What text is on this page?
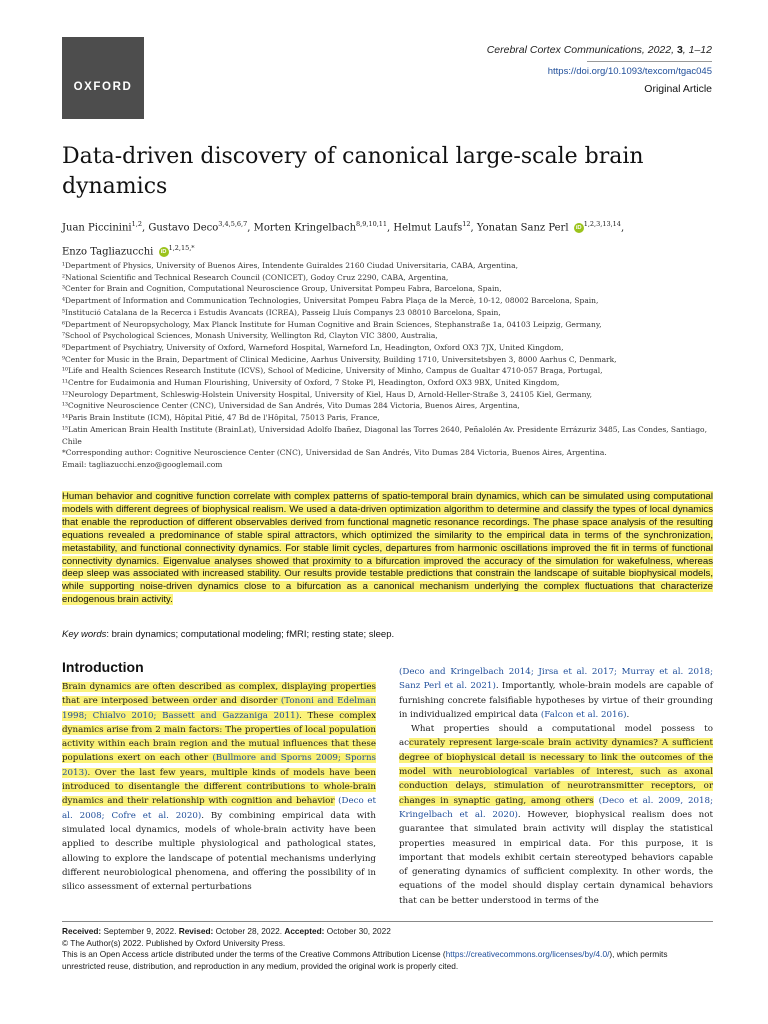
OXFORD
Cerebral Cortex Communications, 2022, 3, 1–12
https://doi.org/10.1093/texcom/tgac045
Original Article
Data-driven discovery of canonical large-scale brain dynamics
Juan Piccinini$^{1,2}$, Gustavo Deco$^{3,4,5,6,7}$, Morten Kringelbach$^{8,9,10,11}$, Helmut Laufs$^{12}$, Yonatan Sanz Perl iD $^{1,2,3,13,14}$,
Enzo Tagliazucchi iD $^{1,2,15,*}$
¹Department of Physics, University of Buenos Aires, Intendente Guiraldes 2160 Ciudad Universitaria, CABA, Argentina,
²National Scientific and Technical Research Council (CONICET), Godoy Cruz 2290, CABA, Argentina,
³Center for Brain and Cognition, Computational Neuroscience Group, Universitat Pompeu Fabra, Barcelona, Spain,
⁴Department of Information and Communication Technologies, Universitat Pompeu Fabra Plaça de la Mercè, 10-12, 08002 Barcelona, Spain,
⁵Institució Catalana de la Recerca i Estudis Avancats (ICREA), Passeig Lluís Companys 23 08010 Barcelona, Spain,
⁶Department of Neuropsychology, Max Planck Institute for Human Cognitive and Brain Sciences, Stephanstraße 1a, 04103 Leipzig, Germany,
⁷School of Psychological Sciences, Monash University, Wellington Rd, Clayton VIC 3800, Australia,
⁸Department of Psychiatry, University of Oxford, Warneford Hospital, Warneford Ln, Headington, Oxford OX3 7JX, United Kingdom,
⁹Center for Music in the Brain, Department of Clinical Medicine, Aarhus University, Building 1710, Universitetsbyen 3, 8000 Aarhus C, Denmark,
¹⁰Life and Health Sciences Research Institute (ICVS), School of Medicine, University of Minho, Campus de Gualtar 4710-057 Braga, Portugal,
¹¹Centre for Eudaimonia and Human Flourishing, University of Oxford, 7 Stoke Pl, Headington, Oxford OX3 9BX, United Kingdom,
¹²Neurology Department, Schleswig-Holstein University Hospital, University of Kiel, Haus D, Arnold-Heller-Straße 3, 24105 Kiel, Germany,
¹³Cognitive Neuroscience Center (CNC), Universidad de San Andrés, Vito Dumas 284 Victoria, Buenos Aires, Argentina,
¹⁴Paris Brain Institute (ICM), Hôpital Pitié, 47 Bd de l'Hôpital, 75013 Paris, France,
¹⁵Latin American Brain Health Institute (BrainLat), Universidad Adolfo Ibañez, Diagonal las Torres 2640, Peñalolén Av. Presidente Errázuriz 3485, Las Condes, Santiago, Chile
*Corresponding author: Cognitive Neuroscience Center (CNC), Universidad de San Andrés, Vito Dumas 284 Victoria, Buenos Aires, Argentina.
Email: tagliazucchi.enzo@googlemail.com
Human behavior and cognitive function correlate with complex patterns of spatio-temporal brain dynamics, which can be simulated using computational models with different degrees of biophysical realism. We used a data-driven optimization algorithm to determine and classify the types of local dynamics that enable the reproduction of different observables derived from functional magnetic resonance recordings. The phase space analysis of the resulting equations revealed a predominance of stable spiral attractors, which optimized the similarity to the empirical data in terms of the synchronization, metastability, and functional connectivity dynamics. For stable limit cycles, departures from harmonic oscillations improved the fit in terms of functional connectivity dynamics. Eigenvalue analyses showed that proximity to a bifurcation improved the accuracy of the simulation for wakefulness, whereas deep sleep was associated with increased stability. Our results provide testable predictions that constrain the landscape of suitable biophysical models, while supporting noise-driven dynamics close to a bifurcation as a canonical mechanism underlying the complex fluctuations that characterize endogenous brain activity.
Key words: brain dynamics; computational modeling; fMRI; resting state; sleep.
Introduction

Brain dynamics are often described as complex, displaying properties that are interposed between order and disorder (Tononi and Edelman 1998; Chialvo 2010; Bassett and Gazzaniga 2011). These complex dynamics arise from 2 main factors: The properties of local population activity within each brain region and the mutual influences that these populations exert on each other (Bullmore and Sporns 2009; Sporns 2013). Over the last few years, multiple kinds of models have been introduced to disentangle the different contributions to whole-brain dynamics and their relationship with cognition and behavior (Deco et al. 2008; Cofre et al. 2020). By combining empirical data with simulated local dynamics, models of whole-brain activity have been applied to describe multiple physiological and pathological states, allowing to explore the landscape of potential mechanisms underlying different neurobiological phenomena, and offering the possibility of in silico assessment of external perturbations

(Deco and Kringelbach 2014; Jirsa et al. 2017; Murray et al. 2018; Sanz Perl et al. 2021). Importantly, whole-brain models are capable of furnishing concrete falsifiable hypotheses by virtue of their grounding in individualized empirical data (Falcon et al. 2016).

What properties should a computational model possess to accurately represent large-scale brain activity dynamics? A sufficient degree of biophysical detail is necessary to link the outcomes of the model with neurobiological variables of interest, such as axonal conduction delays, stimulation of neurotransmitter receptors, or changes in synaptic gating, among others (Deco et al. 2009, 2018; Kringelbach et al. 2020). However, biophysical realism does not guarantee that simulated brain activity will display the statistical properties measured in empirical data. For this purpose, it is important that models exhibit certain stereotyped behaviors capable of generating dynamics of sufficient complexity. In other words, the equations of the model should display certain dynamical behaviors that can be better understood in terms of the

Received: September 9, 2022. Revised: October 28, 2022. Accepted: October 30, 2022
© The Author(s) 2022. Published by Oxford University Press.
This is an Open Access article distributed under the terms of the Creative Commons Attribution License (https://creativecommons.org/licenses/by/4.0/), which permits unrestricted reuse, distribution, and reproduction in any medium, provided the original work is properly cited.
